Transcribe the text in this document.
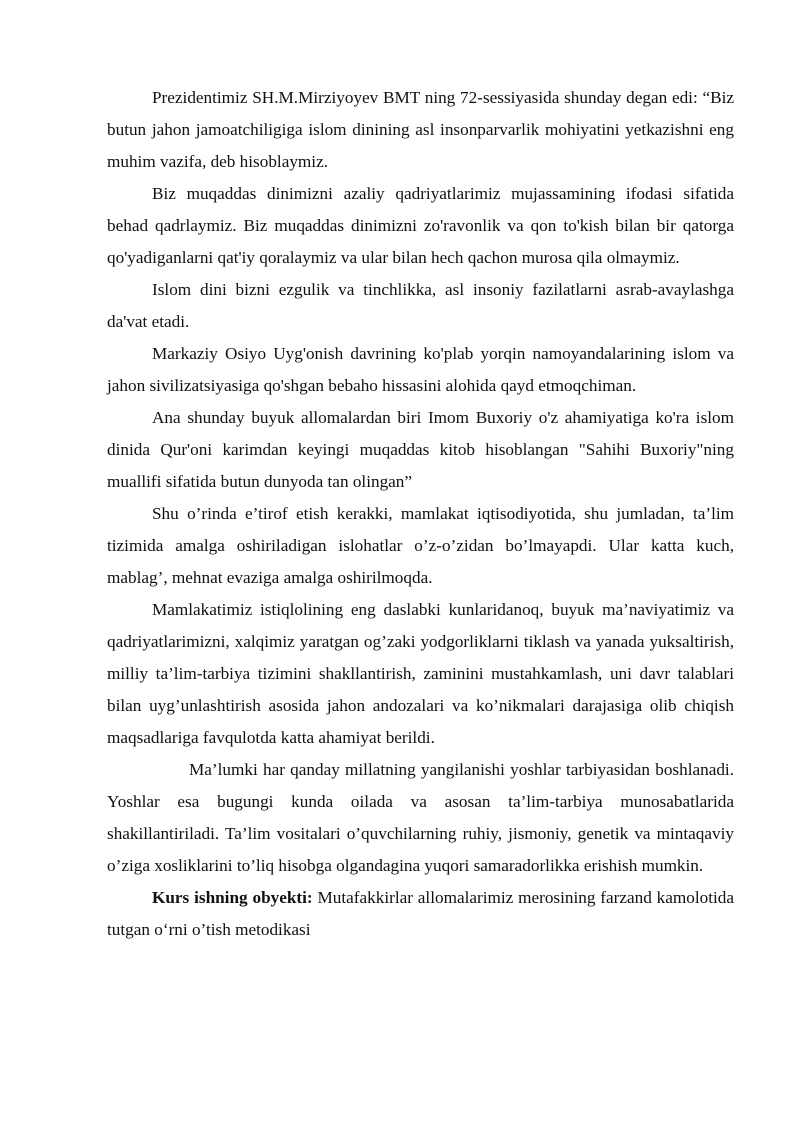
Prezidentimiz SH.M.Mirziyoyev BMT ning 72-sessiyasida shunday degan edi: “Biz butun jahon jamoatchiligiga islom dinining asl insonparvarlik mohiyatini yetkazishni eng muhim vazifa, deb hisoblaymiz.

Biz muqaddas dinimizni azaliy qadriyatlarimiz mujassamining ifodasi sifatida behad qadrlaymiz. Biz muqaddas dinimizni zo'ravonlik va qon to'kish bilan bir qatorga qo'yadiganlarni qat'iy qoralaymiz va ular bilan hech qachon murosa qila olmaymiz.

Islom dini bizni ezgulik va tinchlikka, asl insoniy fazilatlarni asrab-avaylashga da'vat etadi.

Markaziy Osiyo Uyg'onish davrining ko'plab yorqin namoyandalarining islom va jahon sivilizatsiyasiga qo'shgan bebaho hissasini alohida qayd etmoqchiman.

Ana shunday buyuk allomalardan biri Imom Buxoriy o'z ahamiyatiga ko'ra islom dinida Qur'oni karimdan keyingi muqaddas kitob hisoblangan "Sahihi Buxoriy"ning muallifi sifatida butun dunyoda tan olingan”

Shu o’rinda e’tirof etish kerakki, mamlakat iqtisodiyotida, shu jumladan, ta’lim tizimida amalga oshiriladigan islohatlar o’z-o’zidan bo’lmayapdi. Ular katta kuch, mablag’, mehnat evaziga amalga oshirilmoqda.

Mamlakatimiz istiqlolining eng daslabki kunlaridanoq, buyuk ma’naviyatimiz va qadriyatlarimizni, xalqimiz yaratgan og’zaki yodgorliklarni tiklash va yanada yuksaltirish, milliy ta’lim-tarbiya tizimini shakllantirish, zaminini mustahkamlash, uni davr talablari bilan uyg’unlashtirish asosida jahon andozalari va ko’nikmalari darajasiga olib chiqish maqsadlariga favqulotda katta ahamiyat berildi.

Ma’lumki har qanday millatning yangilanishi yoshlar tarbiyasidan boshlanadi. Yoshlar esa bugungi kunda oilada va asosan ta’lim-tarbiya munosabatlarida shakillantiriladi. Ta’lim vositalari o’quvchilarning ruhiy, jismoniy, genetik va mintaqaviy o’ziga xosliklarini to’liq hisobga olgandagina yuqori samaradorlikka erishish mumkin.

Kurs ishning obyekti: Mutafakkirlar allomalarimiz merosining farzand kamolotida tutgan o‘rni o’tish metodikasi
